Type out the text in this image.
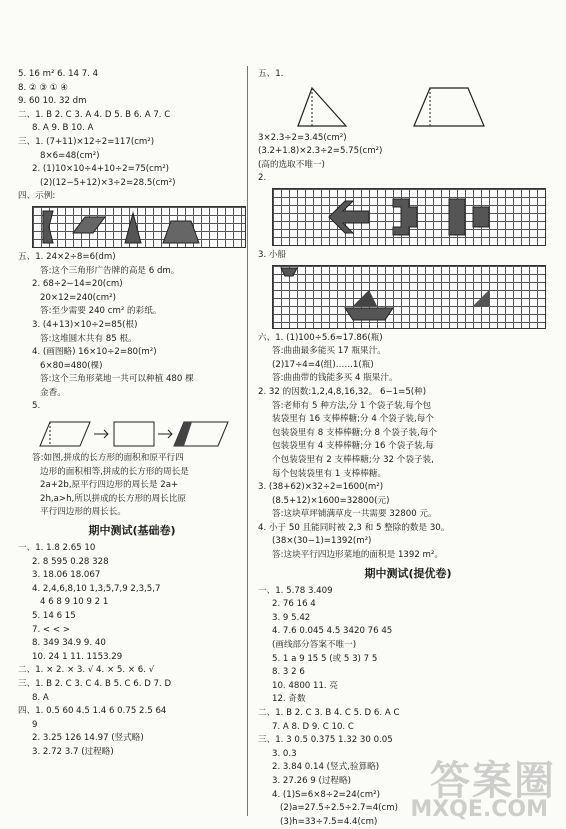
5. 16 m² 6. 14 7. 4
8. ② ③ ① ④
9. 60 10. 32 dm
二、1. B 2. C 3. A 4. D 5. B 6. A 7. C
8. A 9. B 10. A
三、1. (7+11)×12÷2=117(cm²)
8×6=48(cm²)
2. (1)10×10÷4+10÷2=75(cm²)
(2)(12−5+12)×3÷2=28.5(cm²)
四、示例:
五、1. 24×2÷8=6(dm)
答:这个三角形广告牌的高是 6 dm。
2. 68÷2−14=20(cm)
20×12=240(cm²)
答:至少需要 240 cm² 的彩纸。
3. (4+13)×10÷2=85(根)
答:这堆圆木共有 85 根。
4. (画图略) 16×10÷2=80(m²)
6×80=480(棵)
答:这个三角形菜地一共可以种植 480 棵
金香。
5.
答:如图,拼成的长方形的面积和原平行四
边形的面积相等,拼成的长方形的周长是
2a+2b,原平行四边形的周长是 2a+
2h,a>h,所以拼成的长方形的周长比原
平行四边形的周长长。
期中测试(基础卷)
一、1. 1.8 2.65 10
2. 8 595 0.28 328
3. 18.06 18.067
4. 2,4,6,8,10 1,3,5,7,9 2,3,5,7
4 6 8 9 10 9 2 1
5. 14 6 15
7. < < >
8. 349 34.9 9. 40
10. 24 1 11. 1153.29
二、1. × 2. × 3. √ 4. × 5. × 6. √
三、1. B 2. C 3. C 4. B 5. C 6. D 7. D
8. A
四、1. 0.5 60 4.5 1.4 6 0.75 2.5 64
9
2. 3.25 126 14.97 (竖式略)
3. 2.72 3.7 (过程略)
五、1.
3×2.3÷2=3.45(cm²)
(3.2+1.8)×2.3÷2=5.75(cm²)
(高的选取不唯一)
2.
3. 小船
六、1. (1)100÷5.6≈17.86(瓶)
答:曲曲最多能买 17 瓶果汁。
(2)17÷4=4(组)……1(瓶)
答:曲曲带的钱能多买 4 瓶果汁。
2. 32 的因数:1,2,4,8,16,32。 6−1=5(种)
答:老师有 5 种方法,分 1 个袋子装,每个包
装袋里有 16 支棒棒糖;分 4 个袋子装,每个
包装袋里有 8 支棒棒糖;分 8 个袋子装,每个
包装袋里有 4 支棒棒糖;分 16 个袋子装,每
个包装袋里有 2 支棒棒糖;分 32 个袋子装,
每个包装袋里有 1 支棒棒糖。
3. (38+62)×32÷2=1600(m²)
(8.5+12)×1600=32800(元)
答:这块草坪铺满草皮一共需要 32800 元。
4. 小于 50 且能同时被 2,3 和 5 整除的数是 30。
(38×(30−1)=1392(m²)
答:这块平行四边形菜地的面积是 1392 m²。
期中测试(提优卷)
一、1. 5.78 3.409
2. 76 16 4
3. 9 5.42
4. 7.6 0.045 4.5 3420 76 45
(画线部分答案不唯一)
5. 1 a 9 15 5 (或 5 3) 7 5
8. 3 2 6
10. 4800 11. 亮
12. 奇数
二、1. B 2. C 3. B 4. C 5. D 6. A C
7. A 8. D 9. C 10. C
三、1. 3 0.5 0.375 1.32 30 0.05
3. 0.3
2. 3.84 0.14 (竖式,验算略)
3. 27.26 9 (过程略)
4. (1)S=6×8÷2=24(cm²)
(2)a=27.5÷2.5÷2.7=4(cm)
(3)h=33÷7.5=4.4(cm)
答案圈
MXQE.COM
